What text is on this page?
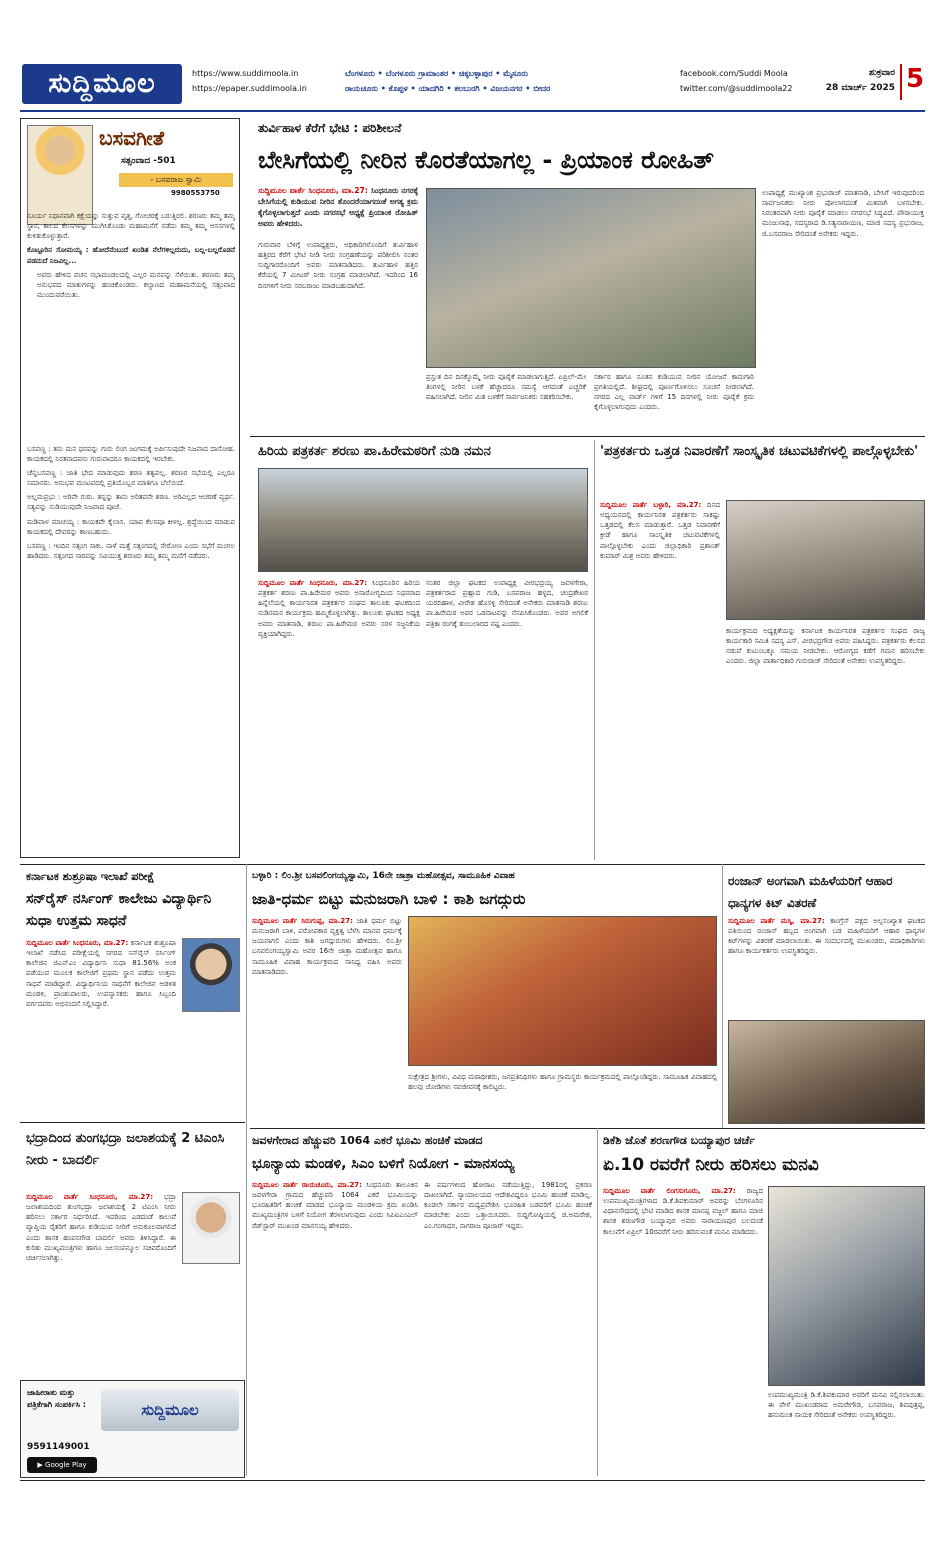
ಸುದ್ದಿಮೂಲ	https://www.suddimoola.in
https://epaper.suddimoola.in
ಬೆಂಗಳೂರು • ಬೆಂಗಳೂರು ಗ್ರಾಮಾಂತರ • ಚಿಕ್ಕಬಳ್ಳಾಪುರ • ಮೈಸೂರು
ರಾಯಚೂರು • ಕೊಪ್ಪಳ • ಯಾದಗಿರಿ • ಕಲಬುರಗಿ • ವಿಜಯನಗರ • ಬೀದರ
facebook.com/Suddi Moola
twitter.com/@suddimoola22
ಶುಕ್ರವಾರ
28 ಮಾರ್ಚ್ 2025 5
ಬಸವಗೀತೆ
ಸತ್ಸಂವಾದ -501
- ಬಸವರಾಜ ಸ್ವಾಮಿ
9980553750

ಸೂರ್ಯ ನಿಧಾನವಾಗಿ ಕಕ್ಷೆಯನ್ನು ಸುತ್ತುವ ವೃತ್ತ, ಗೋಚರಕ್ಕೆ ಬರುತ್ತಿರಲಿ. ಶರಣರು ತಮ್ಮ ತಮ್ಮ ಸ್ಥಾನ, ಕಾಲದ ಕೆಲಸಗಳನ್ನು ಮುಗಿಸಿಕೊಂಡು ಮಹಾಮನೆಗೆ ನಡೆದು ತಮ್ಮ ತಮ್ಮ ಆಸನಗಳಲ್ಲಿ ಕುಳಿತುಕೊಳ್ಳುತ್ತಾರೆ.

ಕೊಟ್ಟೂರಿನ ಸೋಮಯ್ಯ : ಹೋದೆನೆಂಬುದೆ ಖಂಡಿತ ನೆಲೆಗಳಿಲ್ಲದುದು, ಬಲ್ಲ-ಬಲ್ಲರೊಡನೆ ಪಡದುದೆ ನಿಜವಿಲ್ಲ...

ಅವರು ಹೇಳಿದ ವಚನ ಸಭಾಮಂಡಲದಲ್ಲಿ ಎಲ್ಲರ ಮನವನ್ನು ಸೆಳೆಯಿತು. ಶರಣರು ತಮ್ಮ ಅನುಭವದ ಮಾತುಗಳನ್ನು ಹಂಚಿಕೊಂಡರು. ಕಲ್ಯಾಣದ ಮಹಾಮನೆಯಲ್ಲಿ ಸತ್ಸಂವಾದ ಮುಂದುವರೆಯಿತು.

ಬಸವಣ್ಣ : ತನು ಮನ ಧನವನ್ನು ಗುರು ಲಿಂಗ ಜಂಗಮಕ್ಕೆ ಅರ್ಪಿಸುವುದೇ ನಿಜವಾದ ದಾಸೋಹ. ಕಾಯಕದಲ್ಲಿ ನಿರತನಾದವನು ಗುರುವಾದರೂ ಕಾಯಕದಲ್ಲಿ ಇರಬೇಕು.

ಚೆನ್ನಬಸವಣ್ಣ : ಜಾತಿ ಭೇದ ಮಾಡುವುದು ಶರಣ ತತ್ವವಲ್ಲ. ಶರಣರ ಸಭೆಯಲ್ಲಿ ಎಲ್ಲರೂ ಸಮಾನರು. ಅನುಭವ ಮಂಟಪದಲ್ಲಿ ಪ್ರತಿಯೊಬ್ಬರ ಮಾತಿಗೂ ಬೆಲೆಯಿದೆ.

ಅಲ್ಲಮಪ್ರಭು : ಅರಿವೇ ಗುರು. ತನ್ನನ್ನು ತಾನು ಅರಿತವನೇ ಶರಣ. ಅರಿವಿಲ್ಲದ ಆಚರಣೆ ವ್ಯರ್ಥ. ಸತ್ಯವನ್ನು ನುಡಿಯುವುದೇ ನಿಜವಾದ ಪೂಜೆ.

ಮಡಿವಾಳ ಮಾಚಯ್ಯ : ಕಾಯಕವೇ ಕೈಲಾಸ. ಯಾವ ಕೆಲಸವೂ ಕೀಳಲ್ಲ. ಶ್ರದ್ಧೆಯಿಂದ ಮಾಡುವ ಕಾಯಕದಲ್ಲಿ ದೇವರನ್ನು ಕಾಣಬಹುದು.

ಬಸವಣ್ಣ : ಇಂದಿನ ಸತ್ಸಂಗ ಸಾಕು. ನಾಳೆ ಮತ್ತೆ ಸತ್ಸಂಗದಲ್ಲಿ ಸೇರೋಣ ಎಂದು ಸಭೆಗೆ ಮಂಗಲ ಹಾಡಿದರು. ಸತ್ಸಂಗದ ಸಾರವನ್ನು ಸವಿಯುತ್ತ ಶರಣರು ತಮ್ಮ ತಮ್ಮ ಮನೆಗೆ ನಡೆದರು.

ತುರ್ವಿಹಾಳ ಕೆರೆಗೆ ಭೇಟಿ : ಪರಿಶೀಲನೆ
ಬೇಸಿಗೆಯಲ್ಲಿ ನೀರಿನ ಕೊರತೆಯಾಗಲ್ಲ - ಪ್ರಿಯಾಂಕ ರೋಹಿತ್
ಸುದ್ದಿಮೂಲ ವಾರ್ತೆ ಸಿಂಧನೂರು, ಮಾ.27: ಸಿಂಧನೂರು ನಗರಕ್ಕೆ ಬೇಸಿಗೆಯಲ್ಲಿ ಕುಡಿಯುವ ನೀರಿನ ತೊಂದರೆಯಾಗದಂತೆ ಅಗತ್ಯ ಕ್ರಮ ಕೈಗೊಳ್ಳಲಾಗುತ್ತದೆ ಎಂದು ನಗರಸಭೆ ಅಧ್ಯಕ್ಷೆ ಪ್ರಿಯಾಂಕ ರೋಹಿತ್ ಅವರು ಹೇಳಿದರು.
ಗುರುವಾರ ಬೆಳಿಗ್ಗೆ ಉಪಾಧ್ಯಕ್ಷರು, ಅಧಿಕಾರಿಗಳೊಂದಿಗೆ ತುರ್ವಿಹಾಳ ಹತ್ತಿರದ ಕೆರೆಗೆ ಭೇಟಿ ನೀಡಿ ನೀರು ಸಂಗ್ರಹಣೆಯನ್ನು ಪರಿಶೀಲಿಸಿ ನಂತರ ಸುದ್ದಿಗಾರರೊಂದಿಗೆ ಅವರು ಮಾತನಾಡಿದರು. ತುರ್ವಿಹಾಳ ಹತ್ತಿರ ಕೆರೆಯಲ್ಲಿ 7 ಮೀಟರ್ ನೀರು ಸಂಗ್ರಹ ಮಾಡಲಾಗಿದೆ. ಇದರಿಂದ 16 ದಿನಗಳಿಗೆ ನೀರು ಸರಬರಾಜು ಮಾಡಬಹುದಾಗಿದೆ.
ಪ್ರಸ್ತುತ ದಿನ ದಿನಕ್ಕೊಮ್ಮೆ ನೀರು ಪೂರೈಕೆ ಮಾಡಲಾಗುತ್ತಿದೆ. ಏಪ್ರಿಲ್-ಮೇ ತಿಂಗಳಲ್ಲಿ ನೀರಿನ ಬಳಕೆ ಹೆಚ್ಚಾದರೂ ಸಮಸ್ಯೆ ಆಗದಂತೆ ಎಚ್ಚರಿಕೆ ವಹಿಸಲಾಗಿದೆ. ನೀರಿನ ಮಿತ ಬಳಕೆಗೆ ಸಾರ್ವಜನಿಕರು ಸಹಕರಿಸಬೇಕು.
ಸರ್ಕಾರ ಹಾಗೂ ನೂತನ ಕುಡಿಯುವ ನೀರಿನ ಯೋಜನೆ ಕಾಮಗಾರಿ ಪ್ರಗತಿಯಲ್ಲಿದೆ. ಶೀಘ್ರದಲ್ಲಿ ಪೂರ್ಣಗೊಳಿಸಲು ಸೂಚನೆ ನೀಡಲಾಗಿದೆ. ನಗರದ ಎಲ್ಲ ವಾರ್ಡ್ ಗಳಿಗೆ 15 ದಿನಗಳಲ್ಲಿ ನೀರು ಪೂರೈಕೆ ಕ್ರಮ ಕೈಗೊಳ್ಳಲಾಗುವುದು ಎಂದರು.
ಉಪಾಧ್ಯಕ್ಷೆ ಮುಖ್ಯಾಂಶ ಪ್ರಭುರಾಜ್ ಮಾತನಾಡಿ, ಬೇಸಿಗೆ ಇರುವುದರಿಂದ ಸಾರ್ವಜನಿಕರು ನೀರು ಪೋಲಾಗದಂತೆ ಮಿತವಾಗಿ ಬಳಸಬೇಕು. ನಿರಂತರವಾಗಿ ನೀರು ಪೂರೈಕೆ ಮಾಡಲು ನಗರಸಭೆ ಸಿದ್ಧವಿದೆ. ಪೌರಾಯುಕ್ತ ಮಂಜುನಾಥ, ಸದಸ್ಯರಾದ ಡಿ.ಸತ್ಯನಾರಾಯಣ, ಮಾಜಿ ಸದಸ್ಯ ಪ್ರಭುರಾಜ, ಜಿ.ಬಸವರಾಜ ಸೇರಿದಂತೆ ಅನೇಕರು ಇದ್ದರು.
ಹಿರಿಯ ಪತ್ರಕರ್ತ ಶರಣು ಪಾ.ಹಿರೇಮಠರಿಗೆ ನುಡಿ ನಮನ
ಸುದ್ದಿಮೂಲ ವಾರ್ತೆ ಸಿಂಧನೂರು, ಮಾ.27: ಸಿಂಧನೂರಿನ ಹಿರಿಯ ಪತ್ರಕರ್ತ ಶರಣು ಪಾ.ಹಿರೇಮಠ ಅವರು ಅನಾರೋಗ್ಯದಿಂದ ನಿಧನರಾದ ಹಿನ್ನೆಲೆಯಲ್ಲಿ ಕಾರ್ಯನಿರತ ಪತ್ರಕರ್ತರ ಸಂಘದ ತಾಲೂಕು ಘಟಕದಿಂದ ನುಡಿನಮನ ಕಾರ್ಯಕ್ರಮ ಹಮ್ಮಿಕೊಳ್ಳಲಾಗಿತ್ತು. ತಾಲೂಕು ಘಟಕದ ಅಧ್ಯಕ್ಷ ಅವರು ಮಾತನಾಡಿ, ಶರಣು ಪಾ.ಹಿರೇಮಠ ಅವರು ಸರಳ ಸಜ್ಜನಿಕೆಯ ವ್ಯಕ್ತಿಯಾಗಿದ್ದರು.
ನಂತರ ಜಿಲ್ಲಾ ಘಟಕದ ಉಪಾಧ್ಯಕ್ಷ ವೀರಭದ್ರಯ್ಯ ಜವಳಗೇರಾ, ಪತ್ರಕರ್ತರಾದ ಪ್ರಹ್ಲಾದ ಗುಡಿ, ಬಸವರಾಜ ಹಳ್ಳದ, ಚಂದ್ರಶೇಖರ ಯರದಿಹಾಳ, ವೀರೇಶ ಹೊಸಳ್ಳಿ ಸೇರಿದಂತೆ ಅನೇಕರು ಮಾತನಾಡಿ ಶರಣು ಪಾ.ಹಿರೇಮಠ ಅವರ ಒಡನಾಟವನ್ನು ನೆನಪಿಸಿಕೊಂಡರು. ಅವರ ಅಗಲಿಕೆ ಪತ್ರಿಕಾ ರಂಗಕ್ಕೆ ತುಂಬಲಾರದ ನಷ್ಟ ಎಂದರು.
'ಪತ್ರಕರ್ತರು ಒತ್ತಡ ನಿವಾರಣೆಗೆ ಸಾಂಸ್ಕೃತಿಕ ಚಟುವಟಿಕೆಗಳಲ್ಲಿ ಪಾಲ್ಗೊಳ್ಳಬೇಕು'
ಸುದ್ದಿಮೂಲ ವಾರ್ತೆ ಬಳ್ಳಾರಿ, ಮಾ.27: ದಿನದ ಅಧ್ಯಯನದಲ್ಲಿ ಕಾರ್ಯನಿರತ ಪತ್ರಕರ್ತರು ಸಾಕಷ್ಟು ಒತ್ತಡದಲ್ಲಿ ಕೆಲಸ ಮಾಡುತ್ತಾರೆ. ಒತ್ತಡ ನಿವಾರಣೆಗೆ ಕ್ರೀಡೆ ಹಾಗೂ ಸಾಂಸ್ಕೃತಿಕ ಚಟುವಟಿಕೆಗಳಲ್ಲಿ ಪಾಲ್ಗೊಳ್ಳಬೇಕು ಎಂದು ಜಿಲ್ಲಾಧಿಕಾರಿ ಪ್ರಶಾಂತ್ ಕುಮಾರ್ ಮಿಶ್ರ ಅವರು ಹೇಳಿದರು.
ಕಾರ್ಯಕ್ರಮದ ಅಧ್ಯಕ್ಷತೆಯನ್ನು ಕರ್ನಾಟಕ ಕಾರ್ಯನಿರತ ಪತ್ರಕರ್ತರ ಸಂಘದ ರಾಜ್ಯ ಕಾರ್ಯಕಾರಿ ಸಮಿತಿ ಸದಸ್ಯ ಎಸ್. ವೀರಭದ್ರಗೌಡ ಅವರು ವಹಿಸಿದ್ದರು. ಪತ್ರಕರ್ತರು ಕೆಲಸದ ನಡುವೆ ಕುಟುಂಬಕ್ಕೂ ಸಮಯ ನೀಡಬೇಕು. ಆರೋಗ್ಯದ ಕಡೆಗೆ ಗಮನ ಹರಿಸಬೇಕು ಎಂದರು. ಜಿಲ್ಲಾ ವಾರ್ತಾಧಿಕಾರಿ ಗುರುರಾಜ್ ಸೇರಿದಂತೆ ಅನೇಕರು ಉಪಸ್ಥಿತರಿದ್ದರು.
ಕರ್ನಾಟಕ ಶುಶ್ರೂಷಾ ಇಲಾಖೆ ಪರೀಕ್ಷೆ
ಸನ್‌ರೈಸ್ ನರ್ಸಿಂಗ್ ಕಾಲೇಜು ವಿದ್ಯಾರ್ಥಿನಿ ಸುಧಾ ಉತ್ತಮ ಸಾಧನೆ
ಸುದ್ದಿಮೂಲ ವಾರ್ತೆ ಸಿಂಧನೂರು, ಮಾ.27: ಕರ್ನಾಟಕ ಶುಶ್ರೂಷಾ ಇಲಾಖೆ ನಡೆಸಿದ ಪರೀಕ್ಷೆಯಲ್ಲಿ ನಗರದ ಸನ್‌ರೈಸ್ ನರ್ಸಿಂಗ್ ಕಾಲೇಜಿನ ಜಿಎನ್‌ಎಂ ವಿದ್ಯಾರ್ಥಿನಿ ಸುಧಾ 81.56% ಅಂಕ ಪಡೆಯುವ ಮೂಲಕ ಕಾಲೇಜಿಗೆ ಪ್ರಥಮ ಸ್ಥಾನ ಪಡೆದು ಉತ್ತಮ ಸಾಧನೆ ಮಾಡಿದ್ದಾರೆ. ವಿದ್ಯಾರ್ಥಿನಿಯ ಸಾಧನೆಗೆ ಕಾಲೇಜಿನ ಆಡಳಿತ ಮಂಡಳಿ, ಪ್ರಾಂಶುಪಾಲರು, ಉಪನ್ಯಾಸಕರು ಹಾಗೂ ಸಿಬ್ಬಂದಿ ವರ್ಗದವರು ಅಭಿನಂದನೆ ಸಲ್ಲಿಸಿದ್ದಾರೆ.
ಭದ್ರಾದಿಂದ ತುಂಗಭದ್ರಾ ಜಲಾಶಯಕ್ಕೆ 2 ಟಿಎಂಸಿ ನೀರು - ಬಾದರ್ಲಿ
ಸುದ್ದಿಮೂಲ ವಾರ್ತೆ ಸಿಂಧನೂರು, ಮಾ.27: ಭದ್ರಾ ಜಲಾಶಯದಿಂದ ತುಂಗಭದ್ರಾ ಜಲಾಶಯಕ್ಕೆ 2 ಟಿಎಂಸಿ ನೀರು ಹರಿಸಲು ಸರ್ಕಾರ ನಿರ್ಧರಿಸಿದೆ. ಇದರಿಂದ ಎಡದಂಡೆ ಕಾಲುವೆ ವ್ಯಾಪ್ತಿಯ ರೈತರಿಗೆ ಹಾಗೂ ಕುಡಿಯುವ ನೀರಿಗೆ ಅನುಕೂಲವಾಗಲಿದೆ ಎಂದು ಶಾಸಕ ಹಂಪನಗೌಡ ಬಾದರ್ಲಿ ಅವರು ತಿಳಿಸಿದ್ದಾರೆ. ಈ ಕುರಿತು ಮುಖ್ಯಮಂತ್ರಿಗಳು ಹಾಗೂ ಜಲಸಂಪನ್ಮೂಲ ಸಚಿವರೊಂದಿಗೆ ಚರ್ಚಿಸಲಾಗಿತ್ತು.
ಜಾಹೀರಾತು ಮತ್ತು ಪತ್ರಿಕೆಗಾಗಿ ಸಂಪರ್ಕಿಸಿ :
9591149001
ಸುದ್ದಿಮೂಲ
▶ Google Play
ಬಳ್ಳಾರಿ : ಲಿಂ.ಶ್ರೀ ಬಸವಲಿಂಗಯ್ಯಸ್ವಾಮಿ, 16ನೇ ಜಾತ್ರಾ ಮಹೋತ್ಸವ, ಸಾಮೂಹಿಕ ವಿವಾಹ
ಜಾತಿ-ಧರ್ಮ ಬಿಟ್ಟು ಮನುಜರಾಗಿ ಬಾಳಿ : ಕಾಶಿ ಜಗದ್ಗುರು
ಸುದ್ದಿಮೂಲ ವಾರ್ತೆ ಸಿರುಗುಪ್ಪ, ಮಾ.27: ಜಾತಿ ಧರ್ಮ ಬಿಟ್ಟು ಮನುಜರಾಗಿ ಬಾಳಿ, ಪರೋಪಕಾರ ವ್ಯಕ್ತಿತ್ವ ಬೆಳೆಸಿ ಮಾನವ ಧರ್ಮಕ್ಕೆ ಜಯವಾಗಲಿ ಎಂದು ಕಾಶಿ ಜಗದ್ಗುರುಗಳು ಹೇಳಿದರು. ಲಿಂ.ಶ್ರೀ ಬಸವಲಿಂಗಯ್ಯಸ್ವಾಮಿ ಅವರ 16ನೇ ಜಾತ್ರಾ ಮಹೋತ್ಸವ ಹಾಗೂ ಸಾಮೂಹಿಕ ವಿವಾಹ ಕಾರ್ಯಕ್ರಮದ ಸಾನಿಧ್ಯ ವಹಿಸಿ ಅವರು ಮಾತನಾಡಿದರು.
ಸುಕ್ಷೇತ್ರದ ಶ್ರೀಗಳು, ವಿವಿಧ ಮಠಾಧೀಶರು, ಜನಪ್ರತಿನಿಧಿಗಳು ಹಾಗೂ ಗ್ರಾಮಸ್ಥರು ಕಾರ್ಯಕ್ರಮದಲ್ಲಿ ಪಾಲ್ಗೊಂಡಿದ್ದರು. ಸಾಮೂಹಿಕ ವಿವಾಹದಲ್ಲಿ ಹಲವು ಜೋಡಿಗಳು ನವಜೀವನಕ್ಕೆ ಕಾಲಿಟ್ಟರು.
ರಂಜಾನ್ ಅಂಗವಾಗಿ ಮಹಿಳೆಯರಿಗೆ ಆಹಾರ ಧಾನ್ಯಗಳ ಕಿಟ್ ವಿತರಣೆ
ಸುದ್ದಿಮೂಲ ವಾರ್ತೆ ಮಸ್ಕಿ, ಮಾ.27: ಕಾಂಗ್ರೆಸ್ ಪಕ್ಷದ ಅಲ್ಪಸಂಖ್ಯಾತ ಘಟಕದ ವತಿಯಿಂದ ರಂಜಾನ್ ಹಬ್ಬದ ಅಂಗವಾಗಿ ಬಡ ಮಹಿಳೆಯರಿಗೆ ಆಹಾರ ಧಾನ್ಯಗಳ ಕಿಟ್‌ಗಳನ್ನು ವಿತರಣೆ ಮಾಡಲಾಯಿತು. ಈ ಸಂದರ್ಭದಲ್ಲಿ ಮುಖಂಡರು, ಪದಾಧಿಕಾರಿಗಳು ಹಾಗೂ ಕಾರ್ಯಕರ್ತರು ಉಪಸ್ಥಿತರಿದ್ದರು.
ಜವಳಗೇರಾದ ಹೆಚ್ಚುವರಿ 1064 ಎಕರೆ ಭೂಮಿ ಹಂಚಿಕೆ ಮಾಡದ
ಭೂನ್ಯಾಯ ಮಂಡಳಿ, ಸಿಎಂ ಬಳಿಗೆ ನಿಯೋಗ - ಮಾನಸಯ್ಯ
ಸುದ್ದಿಮೂಲ ವಾರ್ತೆ ರಾಯಚೂರು, ಮಾ.27: ಸಿಂಧನೂರು ತಾಲೂಕಿನ ಜವಳಗೇರಾ ಗ್ರಾಮದ ಹೆಚ್ಚುವರಿ 1064 ಎಕರೆ ಭೂಮಿಯನ್ನು ಭೂರಹಿತರಿಗೆ ಹಂಚಿಕೆ ಮಾಡದ ಭೂನ್ಯಾಯ ಮಂಡಳಿಯ ಕ್ರಮ ಖಂಡಿಸಿ ಮುಖ್ಯಮಂತ್ರಿಗಳ ಬಳಿಗೆ ನಿಯೋಗ ತೆರಳಲಾಗುವುದು ಎಂದು ಸಿಪಿಐಎಂಎಲ್ ರೆಡ್‌ಸ್ಟಾರ್ ಮುಖಂಡ ಮಾನಸಯ್ಯ ಹೇಳಿದರು.
ಈ ವರ್ಷಗಳಿಂದ ಹೋರಾಟ ನಡೆಯುತ್ತಿದ್ದು, 1981ರಲ್ಲಿ ಪ್ರಕರಣ ದಾಖಲಾಗಿದೆ. ನ್ಯಾಯಾಲಯದ ಆದೇಶವಿದ್ದರೂ ಭೂಮಿ ಹಂಚಿಕೆ ಮಾಡಿಲ್ಲ. ಕೂಡಲೇ ಸರ್ಕಾರ ಮಧ್ಯಪ್ರವೇಶಿಸಿ ಭೂರಹಿತ ಬಡವರಿಗೆ ಭೂಮಿ ಹಂಚಿಕೆ ಮಾಡಬೇಕು ಎಂದು ಒತ್ತಾಯಿಸಿದರು. ಸುದ್ದಿಗೋಷ್ಠಿಯಲ್ಲಿ ಜಿ.ಅಮರೇಶ, ಎಂ.ಗಂಗಾಧರ, ನಾಗರಾಜ ಪೂಜಾರ್ ಇದ್ದರು.
ಡಿಕೆಶಿ ಜೊತೆ ಶರಣಗೌಡ ಬಯ್ಯಾಪುರ ಚರ್ಚೆ
ಏ.10 ರವರೆಗೆ ನೀರು ಹರಿಸಲು ಮನವಿ
ಸುದ್ದಿಮೂಲ ವಾರ್ತೆ ಲಿಂಗಸುಗೂರು, ಮಾ.27: ರಾಜ್ಯದ ಉಪಮುಖ್ಯಮಂತ್ರಿಗಳಾದ ಡಿ.ಕೆ.ಶಿವಕುಮಾರ್ ಅವರನ್ನು ಬೆಂಗಳೂರಿನ ವಿಧಾನಸೌಧದಲ್ಲಿ ಭೇಟಿ ಮಾಡಿದ ಶಾಸಕ ಮಾನಪ್ಪ ವಜ್ಜಲ್ ಹಾಗೂ ಮಾಜಿ ಶಾಸಕ ಶರಣಗೌಡ ಬಯ್ಯಾಪುರ ಅವರು ನಾರಾಯಣಪುರ ಬಲದಂಡೆ ಕಾಲುವೆಗೆ ಏಪ್ರಿಲ್ 10ರವರೆಗೆ ನೀರು ಹರಿಸುವಂತೆ ಮನವಿ ಮಾಡಿದರು.
ಉಪಮುಖ್ಯಮಂತ್ರಿ ಡಿ.ಕೆ.ಶಿವಕುಮಾರ ಅವರಿಗೆ ಮನವಿ ಸಲ್ಲಿಸಲಾಯಿತು. ಈ ವೇಳೆ ಮುಖಂಡರಾದ ಅಮರೇಗೌಡ, ಬಸವರಾಜ, ಶಿವಪುತ್ರಪ್ಪ, ಹನುಮಂತ ನಾಯಕ ಸೇರಿದಂತೆ ಅನೇಕರು ಉಪಸ್ಥಿತರಿದ್ದರು.
